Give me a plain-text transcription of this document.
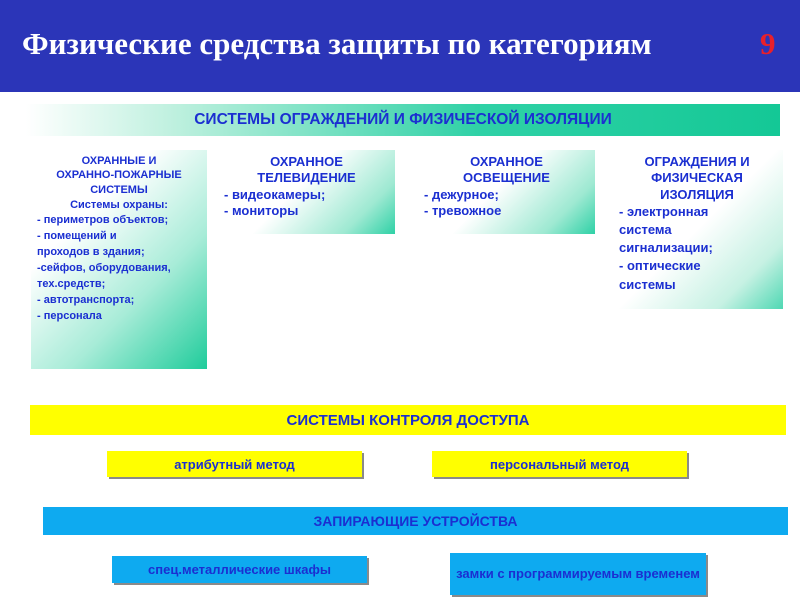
Физические средства защиты по категориям	9
СИСТЕМЫ ОГРАЖДЕНИЙ И ФИЗИЧЕСКОЙ ИЗОЛЯЦИИ
ОХРАННЫЕ И
ОХРАННО-ПОЖАРНЫЕ
СИСТЕМЫ
Системы охраны:
- периметров объектов;
- помещений и
проходов в здания;
-сейфов, оборудования,
тех.средств;
- автотранспорта;
- персонала
ОХРАННОЕ
ТЕЛЕВИДЕНИЕ
- видеокамеры;
- мониторы
ОХРАННОЕ
ОСВЕЩЕНИЕ
- дежурное;
- тревожное
ОГРАЖДЕНИЯ И
ФИЗИЧЕСКАЯ
ИЗОЛЯЦИЯ
- электронная
система
сигнализации;
- оптические
системы
СИСТЕМЫ КОНТРОЛЯ ДОСТУПА
атрибутный метод	персональный метод
ЗАПИРАЮЩИЕ УСТРОЙСТВА
спец.металлические шкафы	замки с программируемым временем
